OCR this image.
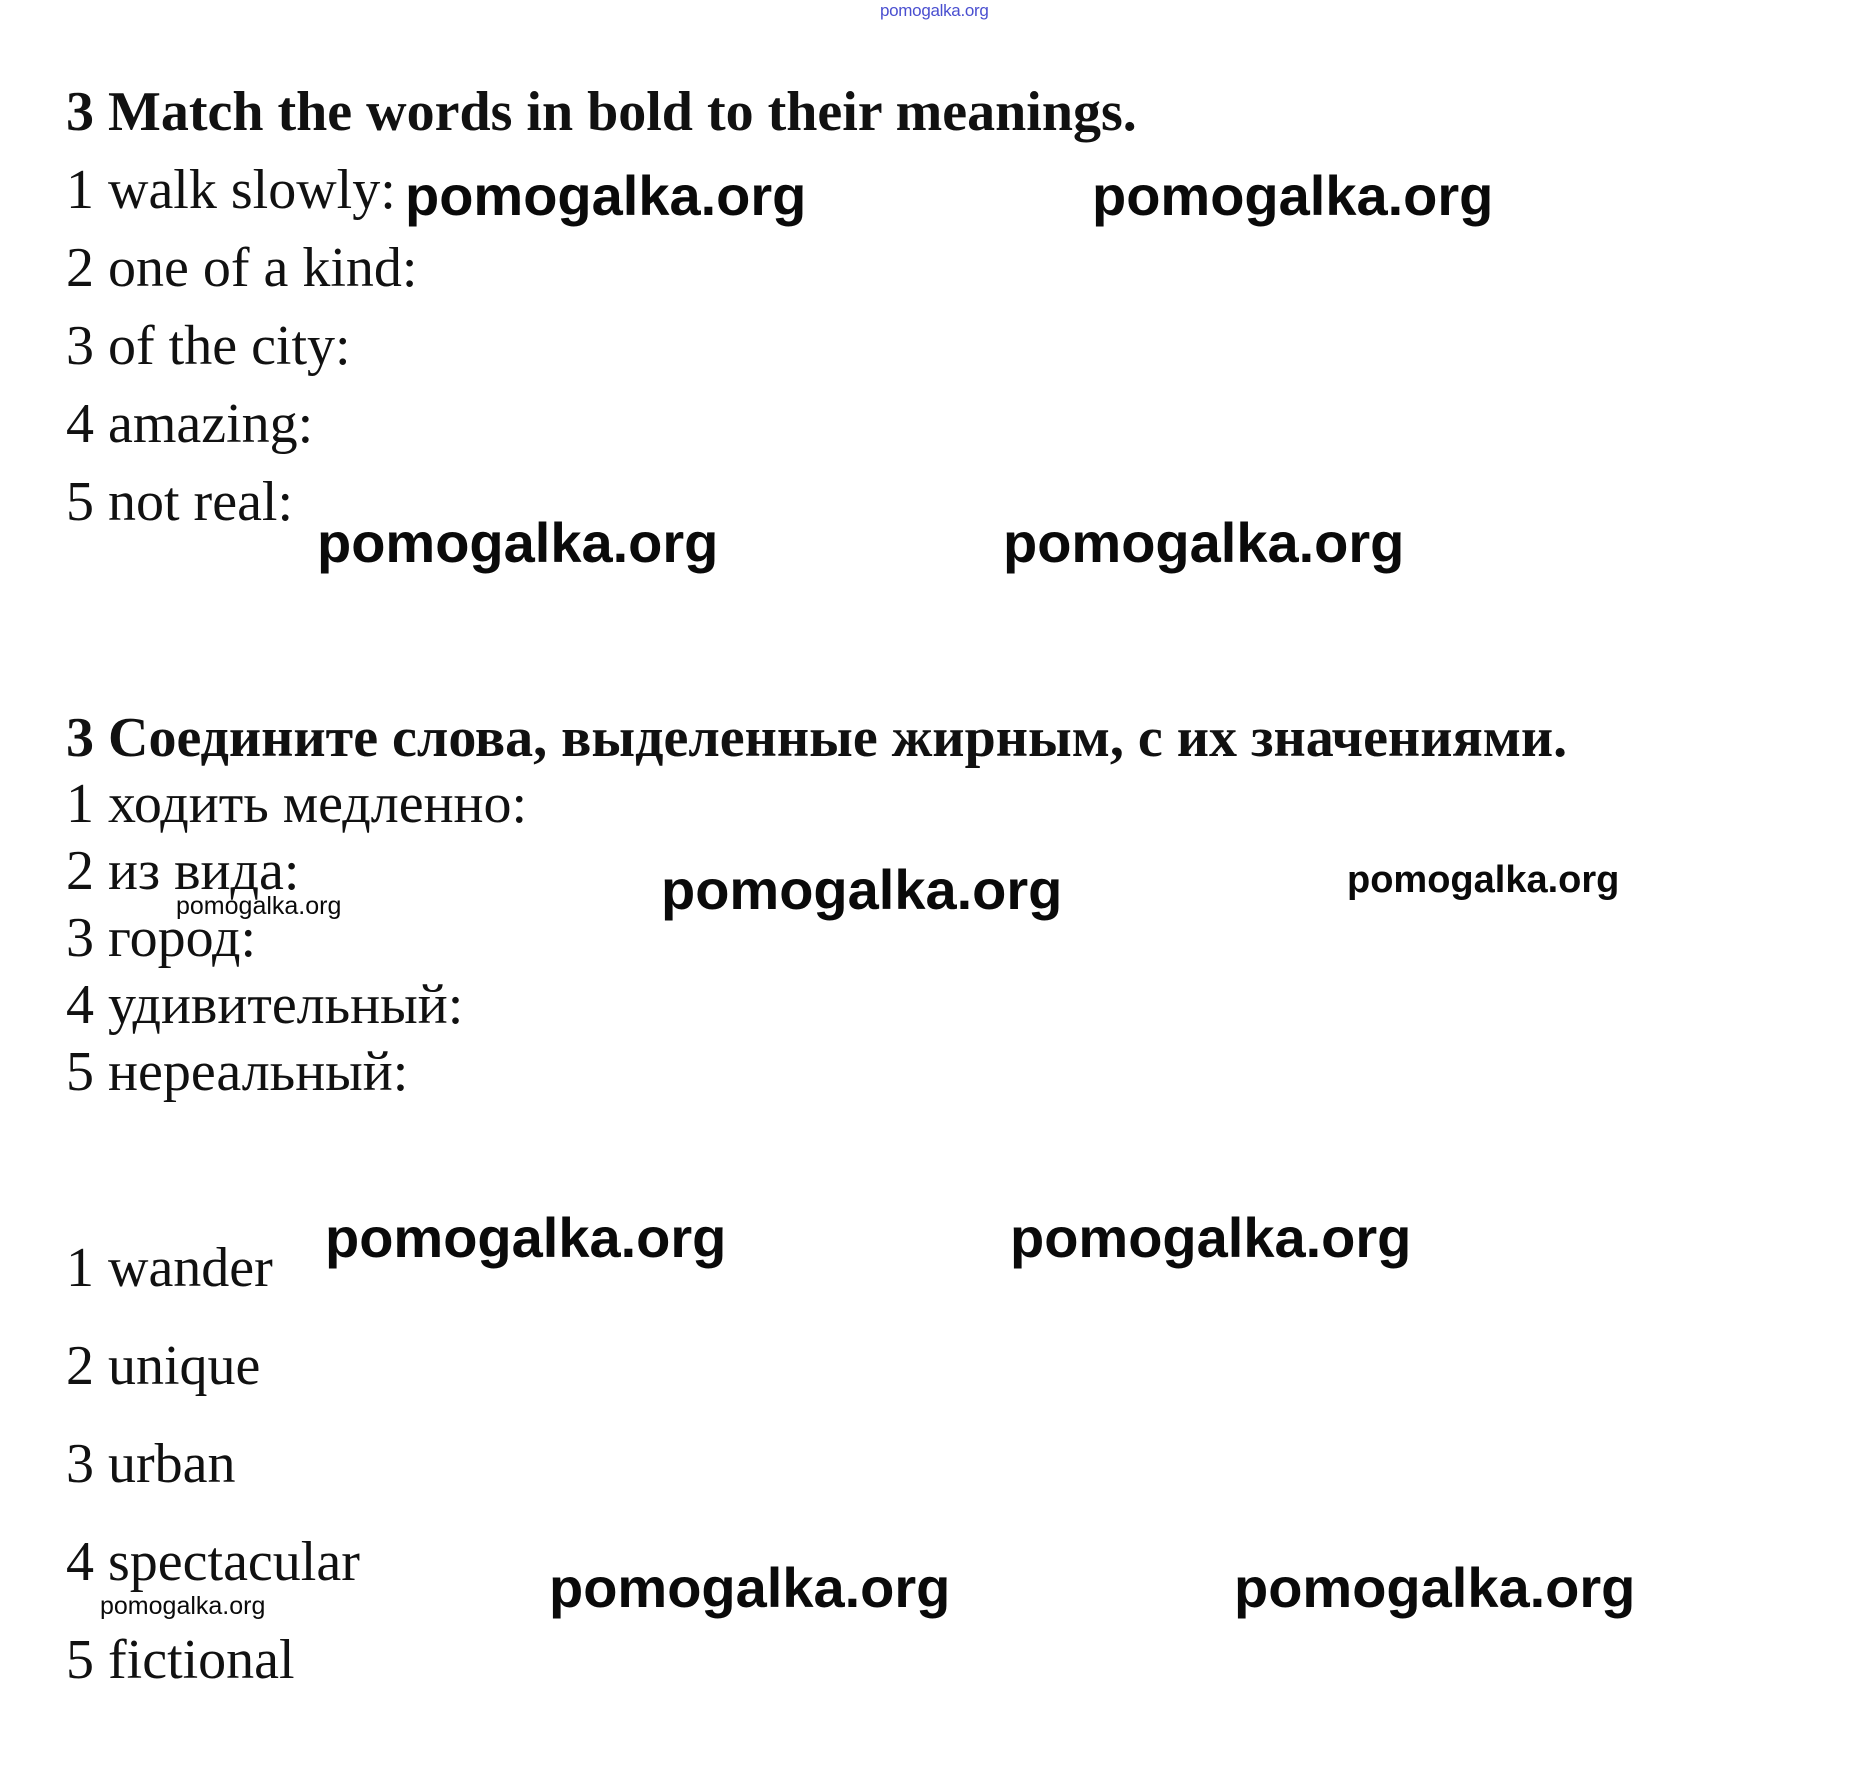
pomogalka.org
3 Match the words in bold to their meanings.
1 walk slowly:
2 one of a kind:
3 of the city:
4 amazing:
5 not real:
pomogalka.org	pomogalka.org
pomogalka.org	pomogalka.org
3 Соедините слова, выделенные жирным, с их значениями.
1 ходить медленно:
2 из вида:
3 город:
4 удивительный:
5 нереальный:
pomogalka.org	pomogalka.org	pomogalka.org
1 wander
2 unique
3 urban
4 spectacular
5 fictional
pomogalka.org	pomogalka.org
pomogalka.org	pomogalka.org	pomogalka.org
